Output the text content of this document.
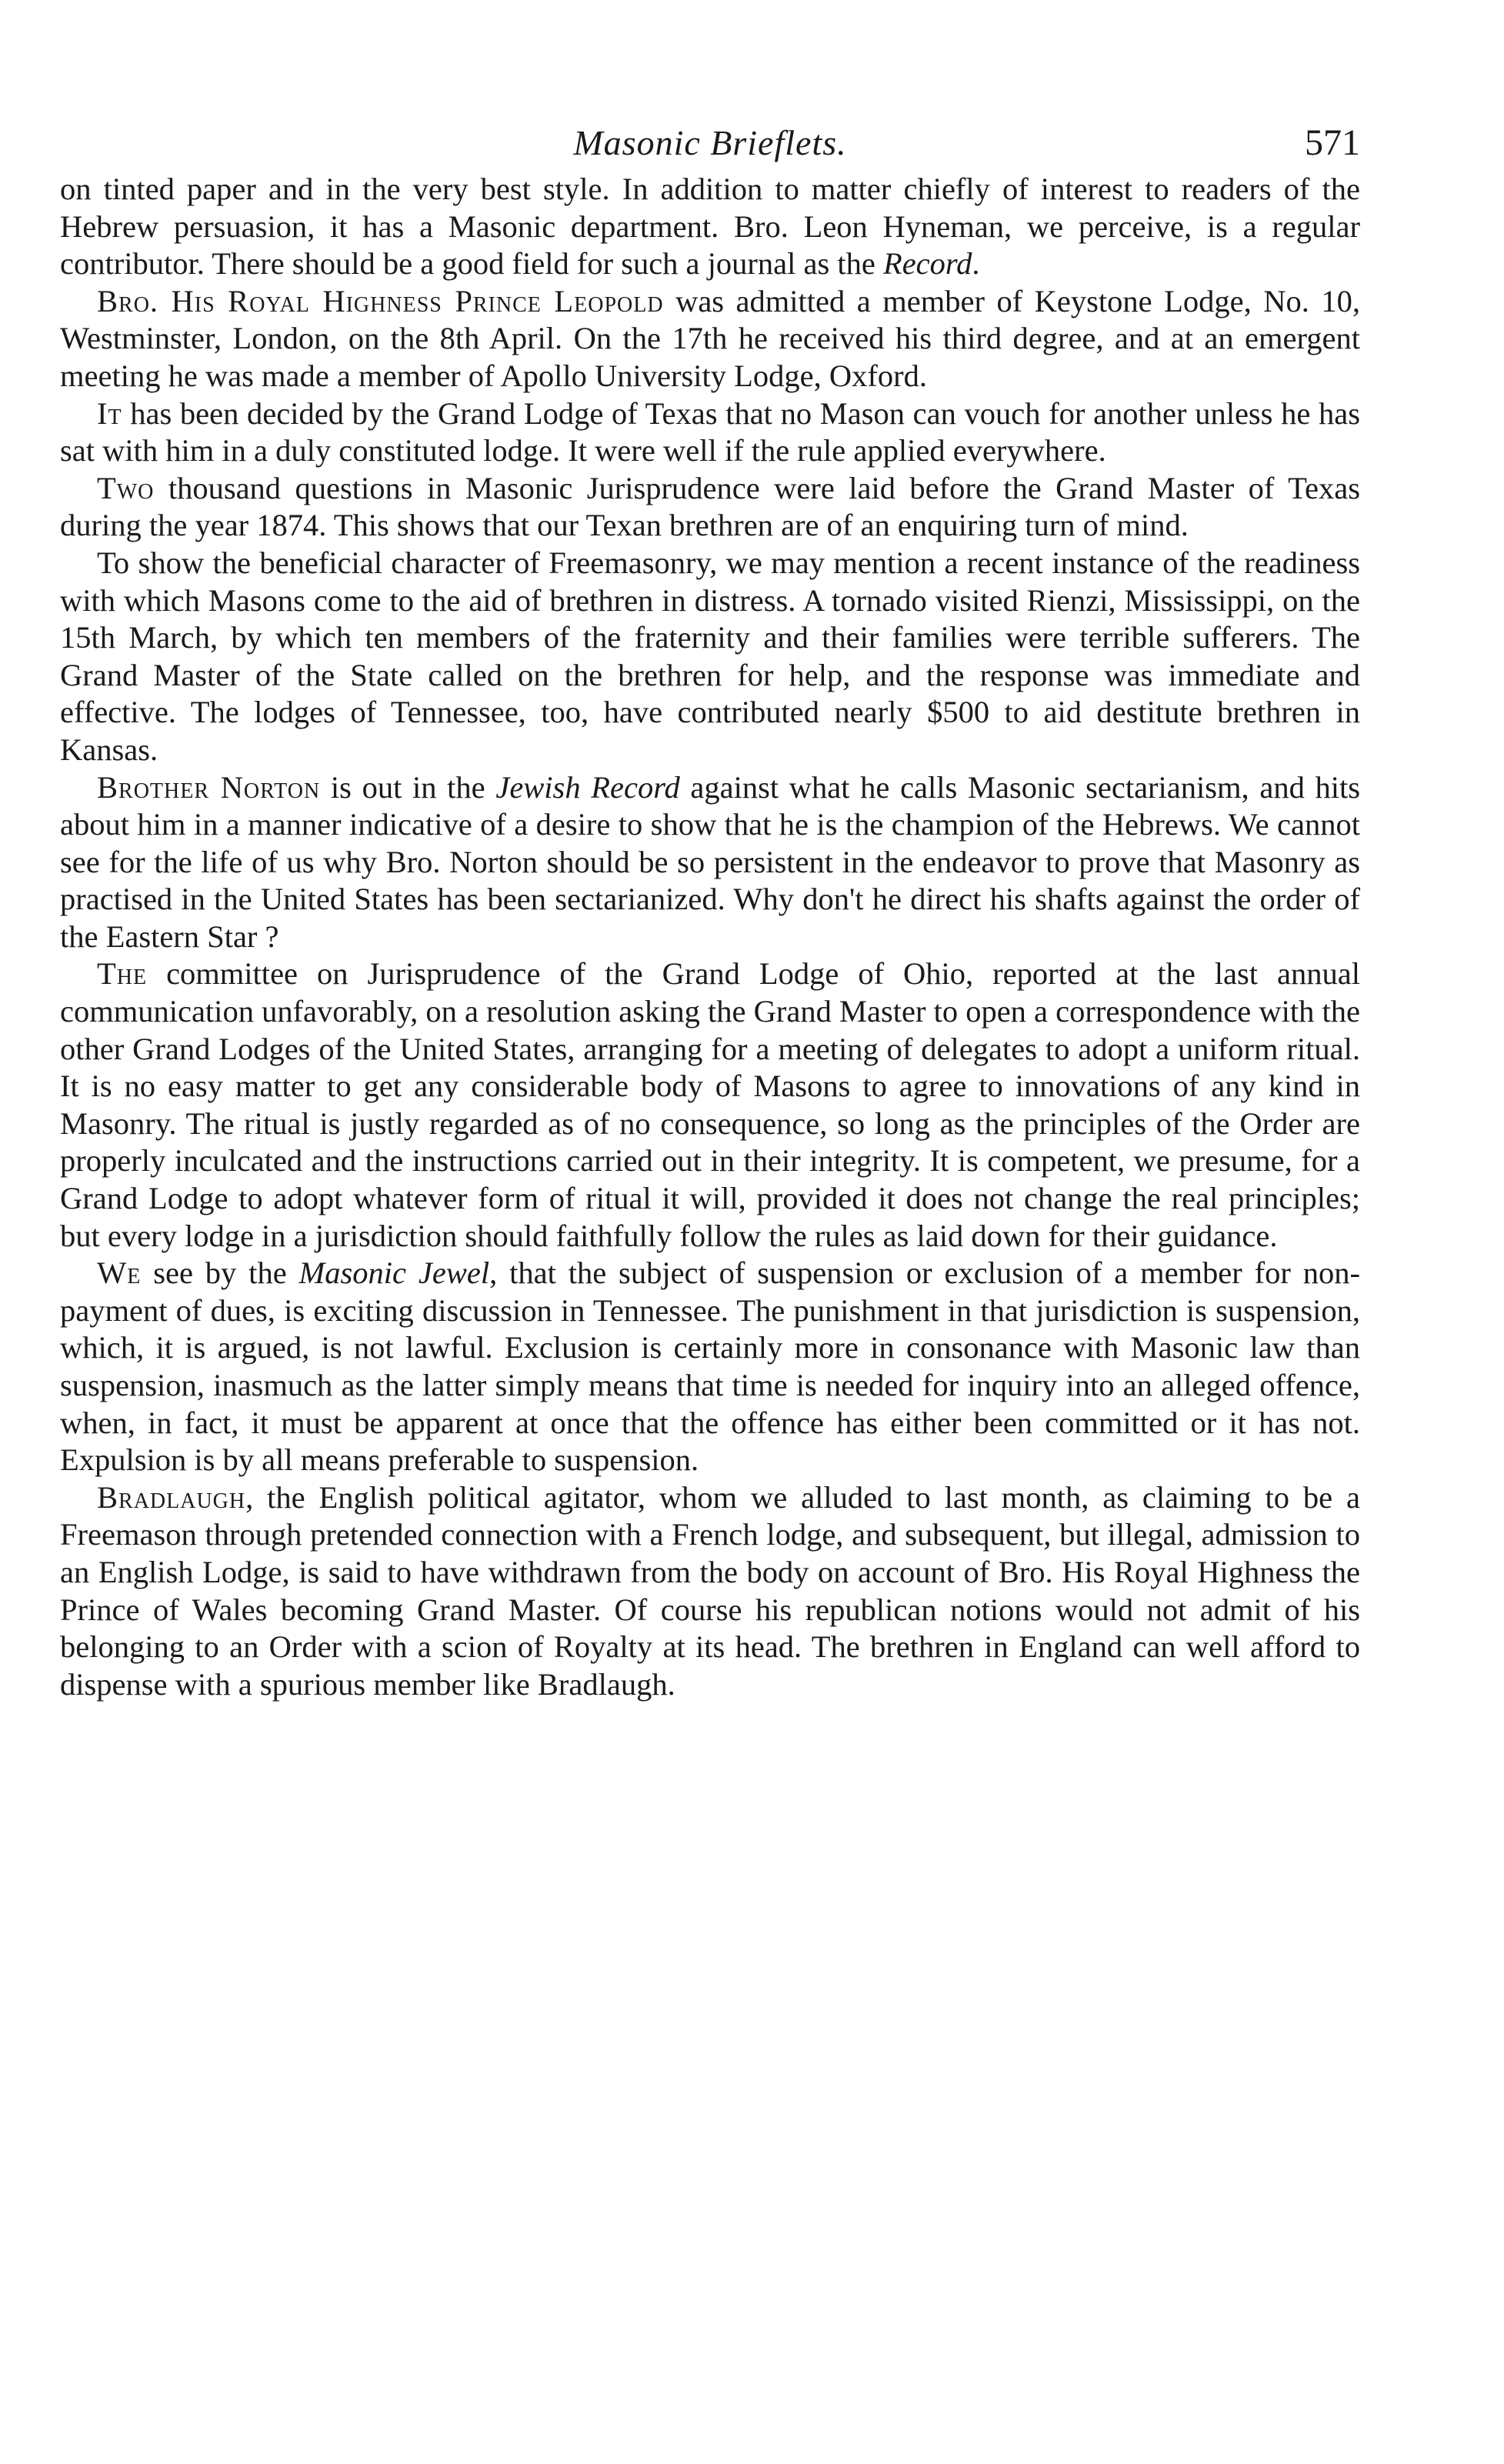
Masonic Brieflets.	571

on tinted paper and in the very best style. In addition to matter chiefly of interest to readers of the Hebrew persuasion, it has a Masonic department. Bro. Leon Hyneman, we perceive, is a regular contributor. There should be a good field for such a journal as the Record.

Bro. His Royal Highness Prince Leopold was admitted a member of Keystone Lodge, No. 10, Westminster, London, on the 8th April. On the 17th he received his third degree, and at an emergent meeting he was made a member of Apollo University Lodge, Oxford.

It has been decided by the Grand Lodge of Texas that no Mason can vouch for another unless he has sat with him in a duly constituted lodge. It were well if the rule applied everywhere.

Two thousand questions in Masonic Jurisprudence were laid before the Grand Master of Texas during the year 1874. This shows that our Texan brethren are of an enquiring turn of mind.

To show the beneficial character of Freemasonry, we may mention a recent instance of the readiness with which Masons come to the aid of brethren in distress. A tornado visited Rienzi, Mississippi, on the 15th March, by which ten members of the fraternity and their families were terrible sufferers. The Grand Master of the State called on the brethren for help, and the response was immediate and effective. The lodges of Tennessee, too, have contributed nearly $500 to aid destitute brethren in Kansas.

Brother Norton is out in the Jewish Record against what he calls Masonic sectarianism, and hits about him in a manner indicative of a desire to show that he is the champion of the Hebrews. We cannot see for the life of us why Bro. Norton should be so persistent in the endeavor to prove that Masonry as practised in the United States has been sectarianized. Why don't he direct his shafts against the order of the Eastern Star ?

The committee on Jurisprudence of the Grand Lodge of Ohio, reported at the last annual communication unfavorably, on a resolution asking the Grand Master to open a correspondence with the other Grand Lodges of the United States, arranging for a meeting of delegates to adopt a uniform ritual. It is no easy matter to get any considerable body of Masons to agree to innovations of any kind in Masonry. The ritual is justly regarded as of no consequence, so long as the principles of the Order are properly inculcated and the instructions carried out in their integrity. It is competent, we presume, for a Grand Lodge to adopt whatever form of ritual it will, provided it does not change the real principles; but every lodge in a jurisdiction should faithfully follow the rules as laid down for their guidance.

We see by the Masonic Jewel, that the subject of suspension or exclusion of a member for non-payment of dues, is exciting discussion in Tennessee. The punishment in that jurisdiction is suspension, which, it is argued, is not lawful. Exclusion is certainly more in consonance with Masonic law than suspension, inasmuch as the latter simply means that time is needed for inquiry into an alleged offence, when, in fact, it must be apparent at once that the offence has either been committed or it has not. Expulsion is by all means preferable to suspension.

Bradlaugh, the English political agitator, whom we alluded to last month, as claiming to be a Freemason through pretended connection with a French lodge, and subsequent, but illegal, admission to an English Lodge, is said to have withdrawn from the body on account of Bro. His Royal Highness the Prince of Wales becoming Grand Master. Of course his republican notions would not admit of his belonging to an Order with a scion of Royalty at its head. The brethren in England can well afford to dispense with a spurious member like Bradlaugh.
